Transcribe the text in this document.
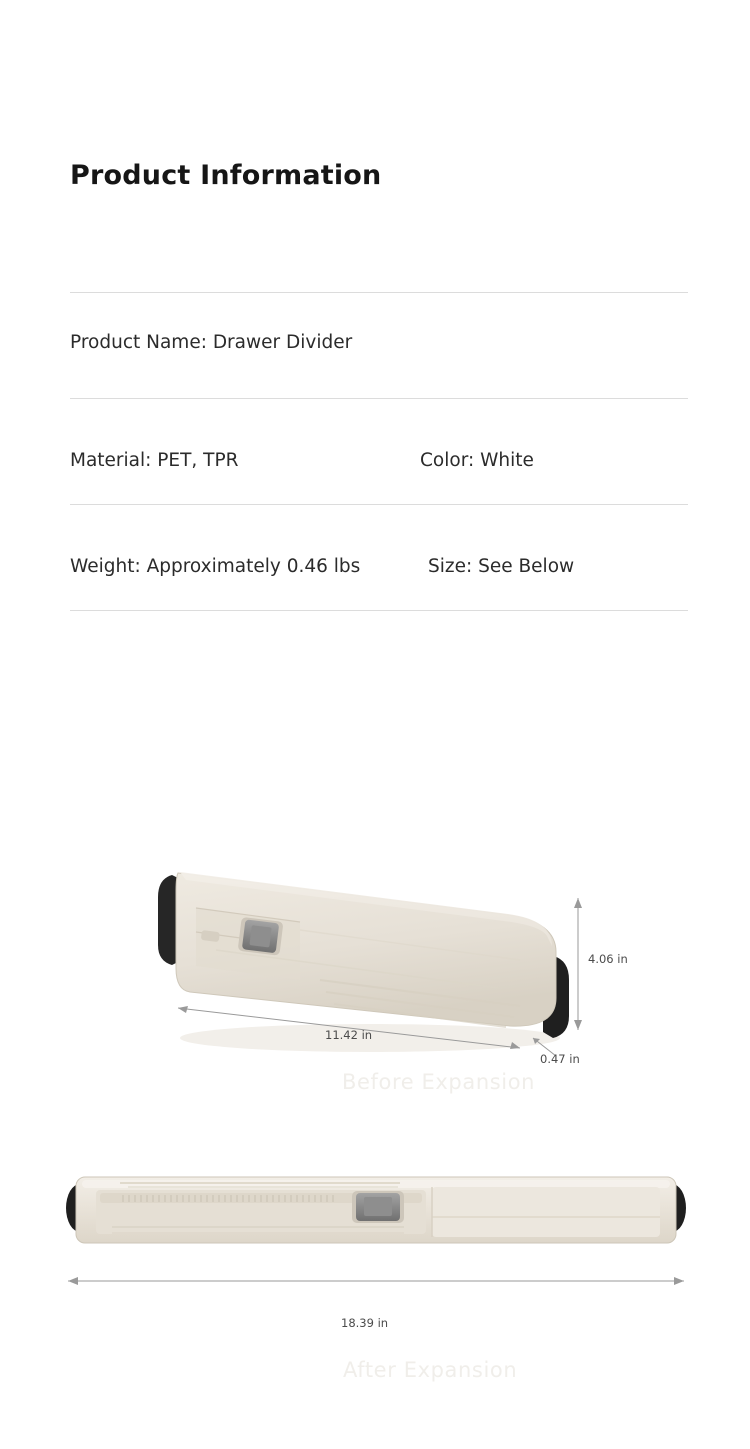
Product Information
Product Name: Drawer Divider
Material: PET, TPR	Color: White
Weight: Approximately 0.46 lbs	Size: See Below
11.42 in
4.06 in
0.47 in
Before Expansion
18.39 in
After Expansion
